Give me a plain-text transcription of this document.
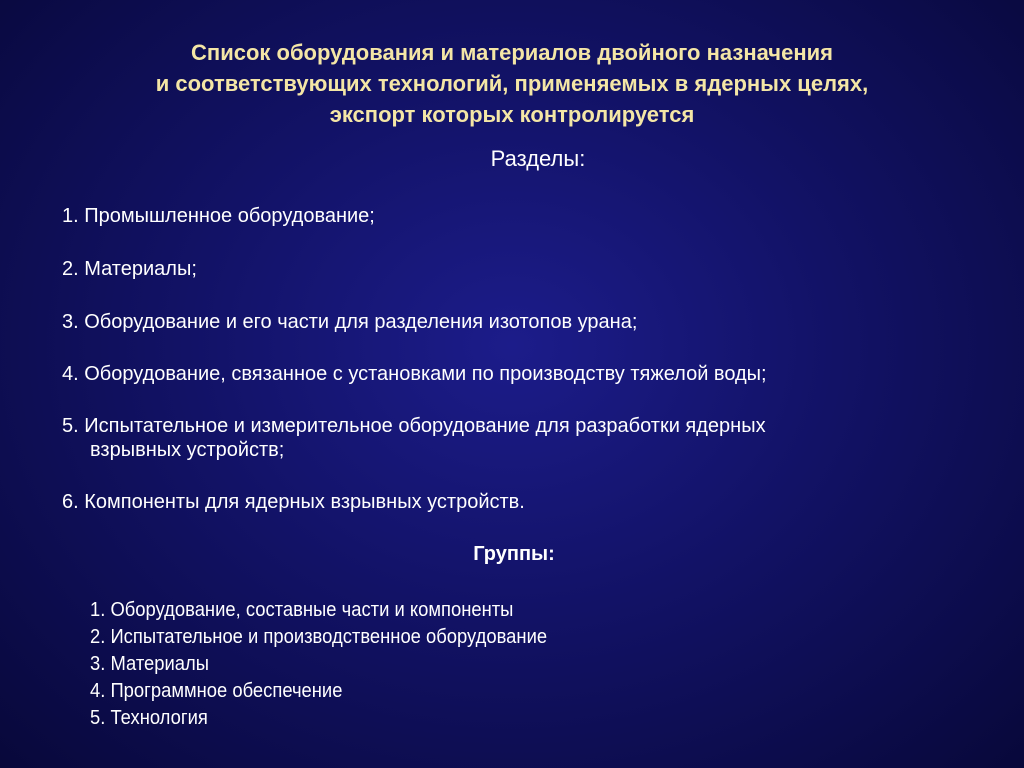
Список оборудования и материалов двойного назначения
и соответствующих технологий, применяемых в ядерных целях,
экспорт которых контролируется
Разделы:
1. Промышленное оборудование;
2. Материалы;
3. Оборудование и его части для разделения изотопов урана;
4. Оборудование, связанное с установками по производству тяжелой воды;
5. Испытательное и измерительное оборудование для разработки ядерных
взрывных устройств;
6. Компоненты для ядерных взрывных устройств.
Группы:
1. Оборудование, составные части и компоненты
2. Испытательное и производственное оборудование
3. Материалы
4. Программное обеспечение
5. Технология
